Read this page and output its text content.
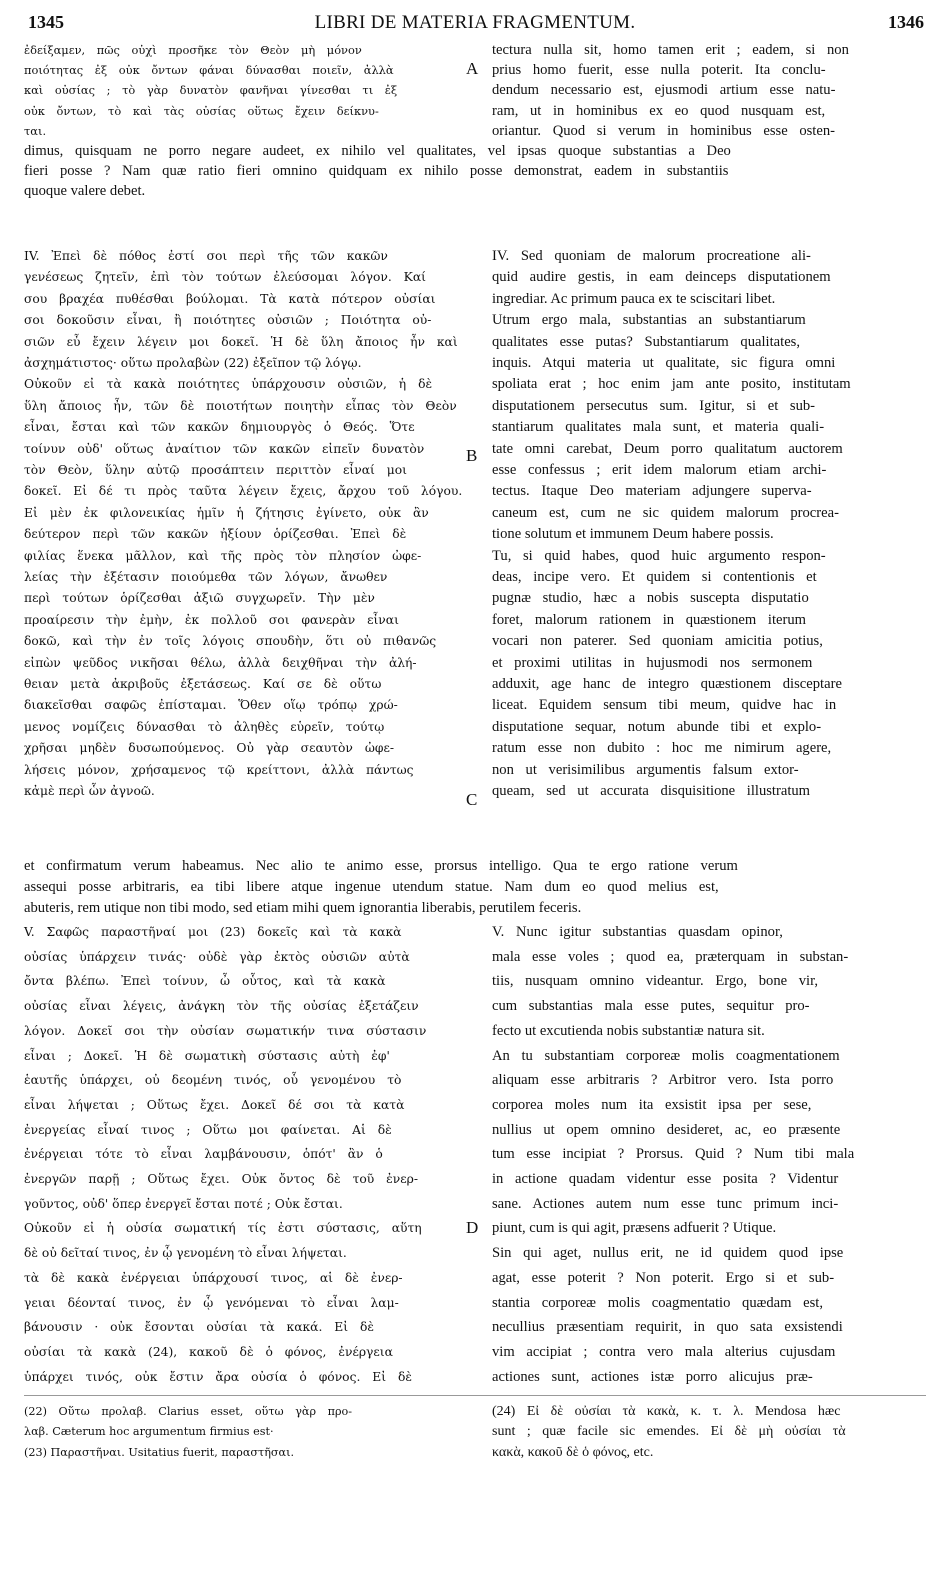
1345	LIBRI DE MATERIA FRAGMENTUM.	1346
ἐδείξαμεν, πῶς οὐχὶ προσῆκε τὸν Θεὸν μὴ μόνον
ποιότητας ἐξ οὐκ ὄντων φάναι δύνασθαι ποιεῖν, ἀλλὰ
καὶ οὐσίας ; τὸ γὰρ δυνατὸν φανῆναι γίνεσθαι τι ἐξ
οὐκ ὄντων, τὸ καὶ τὰς οὐσίας οὕτως ἔχειν δείκνυ-
ται.
tectura nulla sit, homo tamen erit ; eadem, si non
prius homo fuerit, esse nulla poterit. Ita conclu-
dendum necessario est, ejusmodi artium esse natu-
ram, ut in hominibus ex eo quod nusquam est,
oriantur. Quod si verum in hominibus esse osten-
dimus, quisquam ne porro negare audeet, ex nihilo vel qualitates, vel ipsas quoque substantias a Deo
fieri posse ? Nam quæ ratio fieri omnino quidquam ex nihilo posse demonstrat, eadem in substantiis
quoque valere debet.
IV. Ἐπεὶ δὲ πόθος ἐστί σοι περὶ τῆς τῶν κακῶν
γενέσεως ζητεῖν, ἐπὶ τὸν τούτων ἐλεύσομαι λόγον. Καί
σου βραχέα πυθέσθαι βούλομαι. Τὰ κατὰ πότερον οὐσίαι
σοι δοκοῦσιν εἶναι, ἢ ποιότητες οὐσιῶν ; Ποιότητα οὐ-
σιῶν εὖ ἔχειν λέγειν μοι δοκεῖ. Ἡ δὲ ὕλη ἄποιος ἦν καὶ
ἀσχημάτιστος· οὕτω προλαβὼν (22) ἐξεῖπον τῷ λόγῳ.
Οὐκοῦν εἰ τὰ κακὰ ποιότητες ὑπάρχουσιν οὐσιῶν, ἡ δὲ
ὕλη ἄποιος ἦν, τῶν δὲ ποιοτήτων ποιητὴν εἶπας τὸν Θεὸν
εἶναι, ἔσται καὶ τῶν κακῶν δημιουργὸς ὁ Θεός. Ὅτε
τοίνυν οὐδ' οὕτως ἀναίτιον τῶν κακῶν εἰπεῖν δυνατὸν
τὸν Θεὸν, ὕλην αὐτῷ προσάπτειν περιττὸν εἶναί μοι
δοκεῖ. Εἰ δέ τι πρὸς ταῦτα λέγειν ἔχεις, ἄρχου τοῦ λόγου.
Εἰ μὲν ἐκ φιλονεικίας ἡμῖν ἡ ζήτησις ἐγίνετο, οὐκ ἂν
δεύτερον περὶ τῶν κακῶν ἠξίουν ὁρίζεσθαι. Ἐπεὶ δὲ
φιλίας ἕνεκα μᾶλλον, καὶ τῆς πρὸς τὸν πλησίον ὠφε-
λείας τὴν ἐξέτασιν ποιούμεθα τῶν λόγων, ἄνωθεν
περὶ τούτων ὁρίζεσθαι ἀξιῶ συγχωρεῖν. Τὴν μὲν
προαίρεσιν τὴν ἐμὴν, ἐκ πολλοῦ σοι φανερὰν εἶναι
δοκῶ, καὶ τὴν ἐν τοῖς λόγοις σπουδὴν, ὅτι οὐ πιθανῶς
εἰπὼν ψεῦδος νικῆσαι θέλω, ἀλλὰ δειχθῆναι τὴν ἀλή-
θειαν μετὰ ἀκριβοῦς ἐξετάσεως. Καί σε δὲ οὕτω
διακεῖσθαι σαφῶς ἐπίσταμαι. Ὅθεν οἵῳ τρόπῳ χρώ-
μενος νομίζεις δύνασθαι τὸ ἀληθὲς εὑρεῖν, τούτῳ
χρῆσαι μηδὲν δυσωπούμενος. Οὐ γὰρ σεαυτὸν ὠφε-
λήσεις μόνον, χρήσαμενος τῷ κρείττονι, ἀλλὰ πάντως
κἀμὲ περὶ ὧν ἀγνοῶ.
IV. Sed quoniam de malorum procreatione ali-
quid audire gestis, in eam deinceps disputationem
ingrediar. Ac primum pauca ex te sciscitari libet.
Utrum ergo mala, substantias an substantiarum
qualitates esse putas? Substantiarum qualitates,
inquis. Atqui materia ut qualitate, sic figura omni
spoliata erat ; hoc enim jam ante posito, institutam
disputationem persecutus sum. Igitur, si et sub-
stantiarum qualitates mala sunt, et materia quali-
tate omni carebat, Deum porro qualitatum auctorem
esse confessus ; erit idem malorum etiam archi-
tectus. Itaque Deo materiam adjungere superva-
caneum est, cum ne sic quidem malorum procrea-
tione solutum et immunem Deum habere possis.
Tu, si quid habes, quod huic argumento respon-
deas, incipe vero. Et quidem si contentionis et
pugnæ studio, hæc a nobis suscepta disputatio
foret, malorum rationem in quæstionem iterum
vocari non paterer. Sed quoniam amicitia potius,
et proximi utilitas in hujusmodi nos sermonem
adduxit, age hanc de integro quæstionem disceptare
liceat. Equidem sensum tibi meum, quidve hac in
disputatione sequar, notum abunde tibi et explo-
ratum esse non dubito : hoc me nimirum agere,
non ut verisimilibus argumentis falsum extor-
queam, sed ut accurata disquisitione illustratum
et confirmatum verum habeamus. Nec alio te animo esse, prorsus intelligo. Qua te ergo ratione verum
assequi posse arbitraris, ea tibi libere atque ingenue utendum statue. Nam dum eo quod melius est,
abuteris, rem utique non tibi modo, sed etiam mihi quem ignorantia liberabis, perutilem feceris.
V. Σαφῶς παραστῆναί μοι (23) δοκεῖς καὶ τὰ κακὰ
οὐσίας ὑπάρχειν τινάς· οὐδὲ γὰρ ἐκτὸς οὐσιῶν αὐτὰ
ὄντα βλέπω. Ἐπεὶ τοίνυν, ὦ οὗτος, καὶ τὰ κακὰ
οὐσίας εἶναι λέγεις, ἀνάγκη τὸν τῆς οὐσίας ἐξετάζειν
λόγον. Δοκεῖ σοι τὴν οὐσίαν σωματικήν τινα σύστασιν
εἶναι ; Δοκεῖ. Ἡ δὲ σωματικὴ σύστασις αὐτὴ ἐφ'
ἑαυτῆς ὑπάρχει, οὐ δεομένη τινός, οὗ γενομένου τὸ
εἶναι λήψεται ; Οὕτως ἔχει. Δοκεῖ δέ σοι τὰ κατὰ
ἐνεργείας εἶναί τινος ; Οὕτω μοι φαίνεται. Αἱ δὲ
ἐνέργειαι τότε τὸ εἶναι λαμβάνουσιν, ὁπότ' ἂν ὁ
ἐνεργῶν παρῇ ; Οὕτως ἔχει. Οὐκ ὄντος δὲ τοῦ ἐνερ-
γοῦντος, οὐδ' ὅπερ ἐνεργεῖ ἔσται ποτέ ; Οὐκ ἔσται.
Οὐκοῦν εἰ ἡ οὐσία σωματική τίς ἐστι σύστασις, αὕτη
δὲ οὐ δεῖταί τινος, ἐν ᾧ γενομένη τὸ εἶναι λήψεται.
τὰ δὲ κακὰ ἐνέργειαι ὑπάρχουσί τινος, αἱ δὲ ἐνερ-
γειαι δέονταί τινος, ἐν ᾧ γενόμεναι τὸ εἶναι λαμ-
βάνουσιν · οὐκ ἔσονται οὐσίαι τὰ κακά. Εἰ δὲ
οὐσίαι τὰ κακὰ (24), κακοῦ δὲ ὁ φόνος, ἐνέργεια
ὑπάρχει τινός, οὐκ ἔστιν ἄρα οὐσία ὁ φόνος. Εἰ δὲ
V. Nunc igitur substantias quasdam opinor,
mala esse voles ; quod ea, præterquam in substan-
tiis, nusquam omnino videantur. Ergo, bone vir,
cum substantias mala esse putes, sequitur pro-
fecto ut excutienda nobis substantiæ natura sit.
An tu substantiam corporeæ molis coagmentationem
aliquam esse arbitraris ? Arbitror vero. Ista porro
corporea moles num ita exsistit ipsa per sese,
nullius ut opem omnino desideret, ac, eo præsente
tum esse incipiat ? Prorsus. Quid ? Num tibi mala
in actione quadam videntur esse posita ? Videntur
sane. Actiones autem num esse tunc primum inci-
piunt, cum is qui agit, præsens adfuerit ? Utique.
Sin qui aget, nullus erit, ne id quidem quod ipse
agat, esse poterit ? Non poterit. Ergo si et sub-
stantia corporeæ molis coagmentatio quædam est,
necullius præsentiam requirit, in quo sata exsistendi
vim accipiat ; contra vero mala alterius cujusdam
actiones sunt, actiones istæ porro alicujus præ-
(22) Οὕτω προλαβ. Clarius esset, οὕτω γὰρ προ-
λαβ. Cæterum hoc argumentum firmius est·
(23) Παραστῆναι. Usitatius fuerit, παραστῆσαι.
(24) Εἰ δὲ οὐσίαι τὰ κακὰ, κ. τ. λ. Mendosa hæc
sunt ; quæ facile sic emendes. Εἰ δὲ μὴ οὐσίαι τὰ
κακὰ, κακοῦ δὲ ὁ φόνος, etc.
A
B
C
D
